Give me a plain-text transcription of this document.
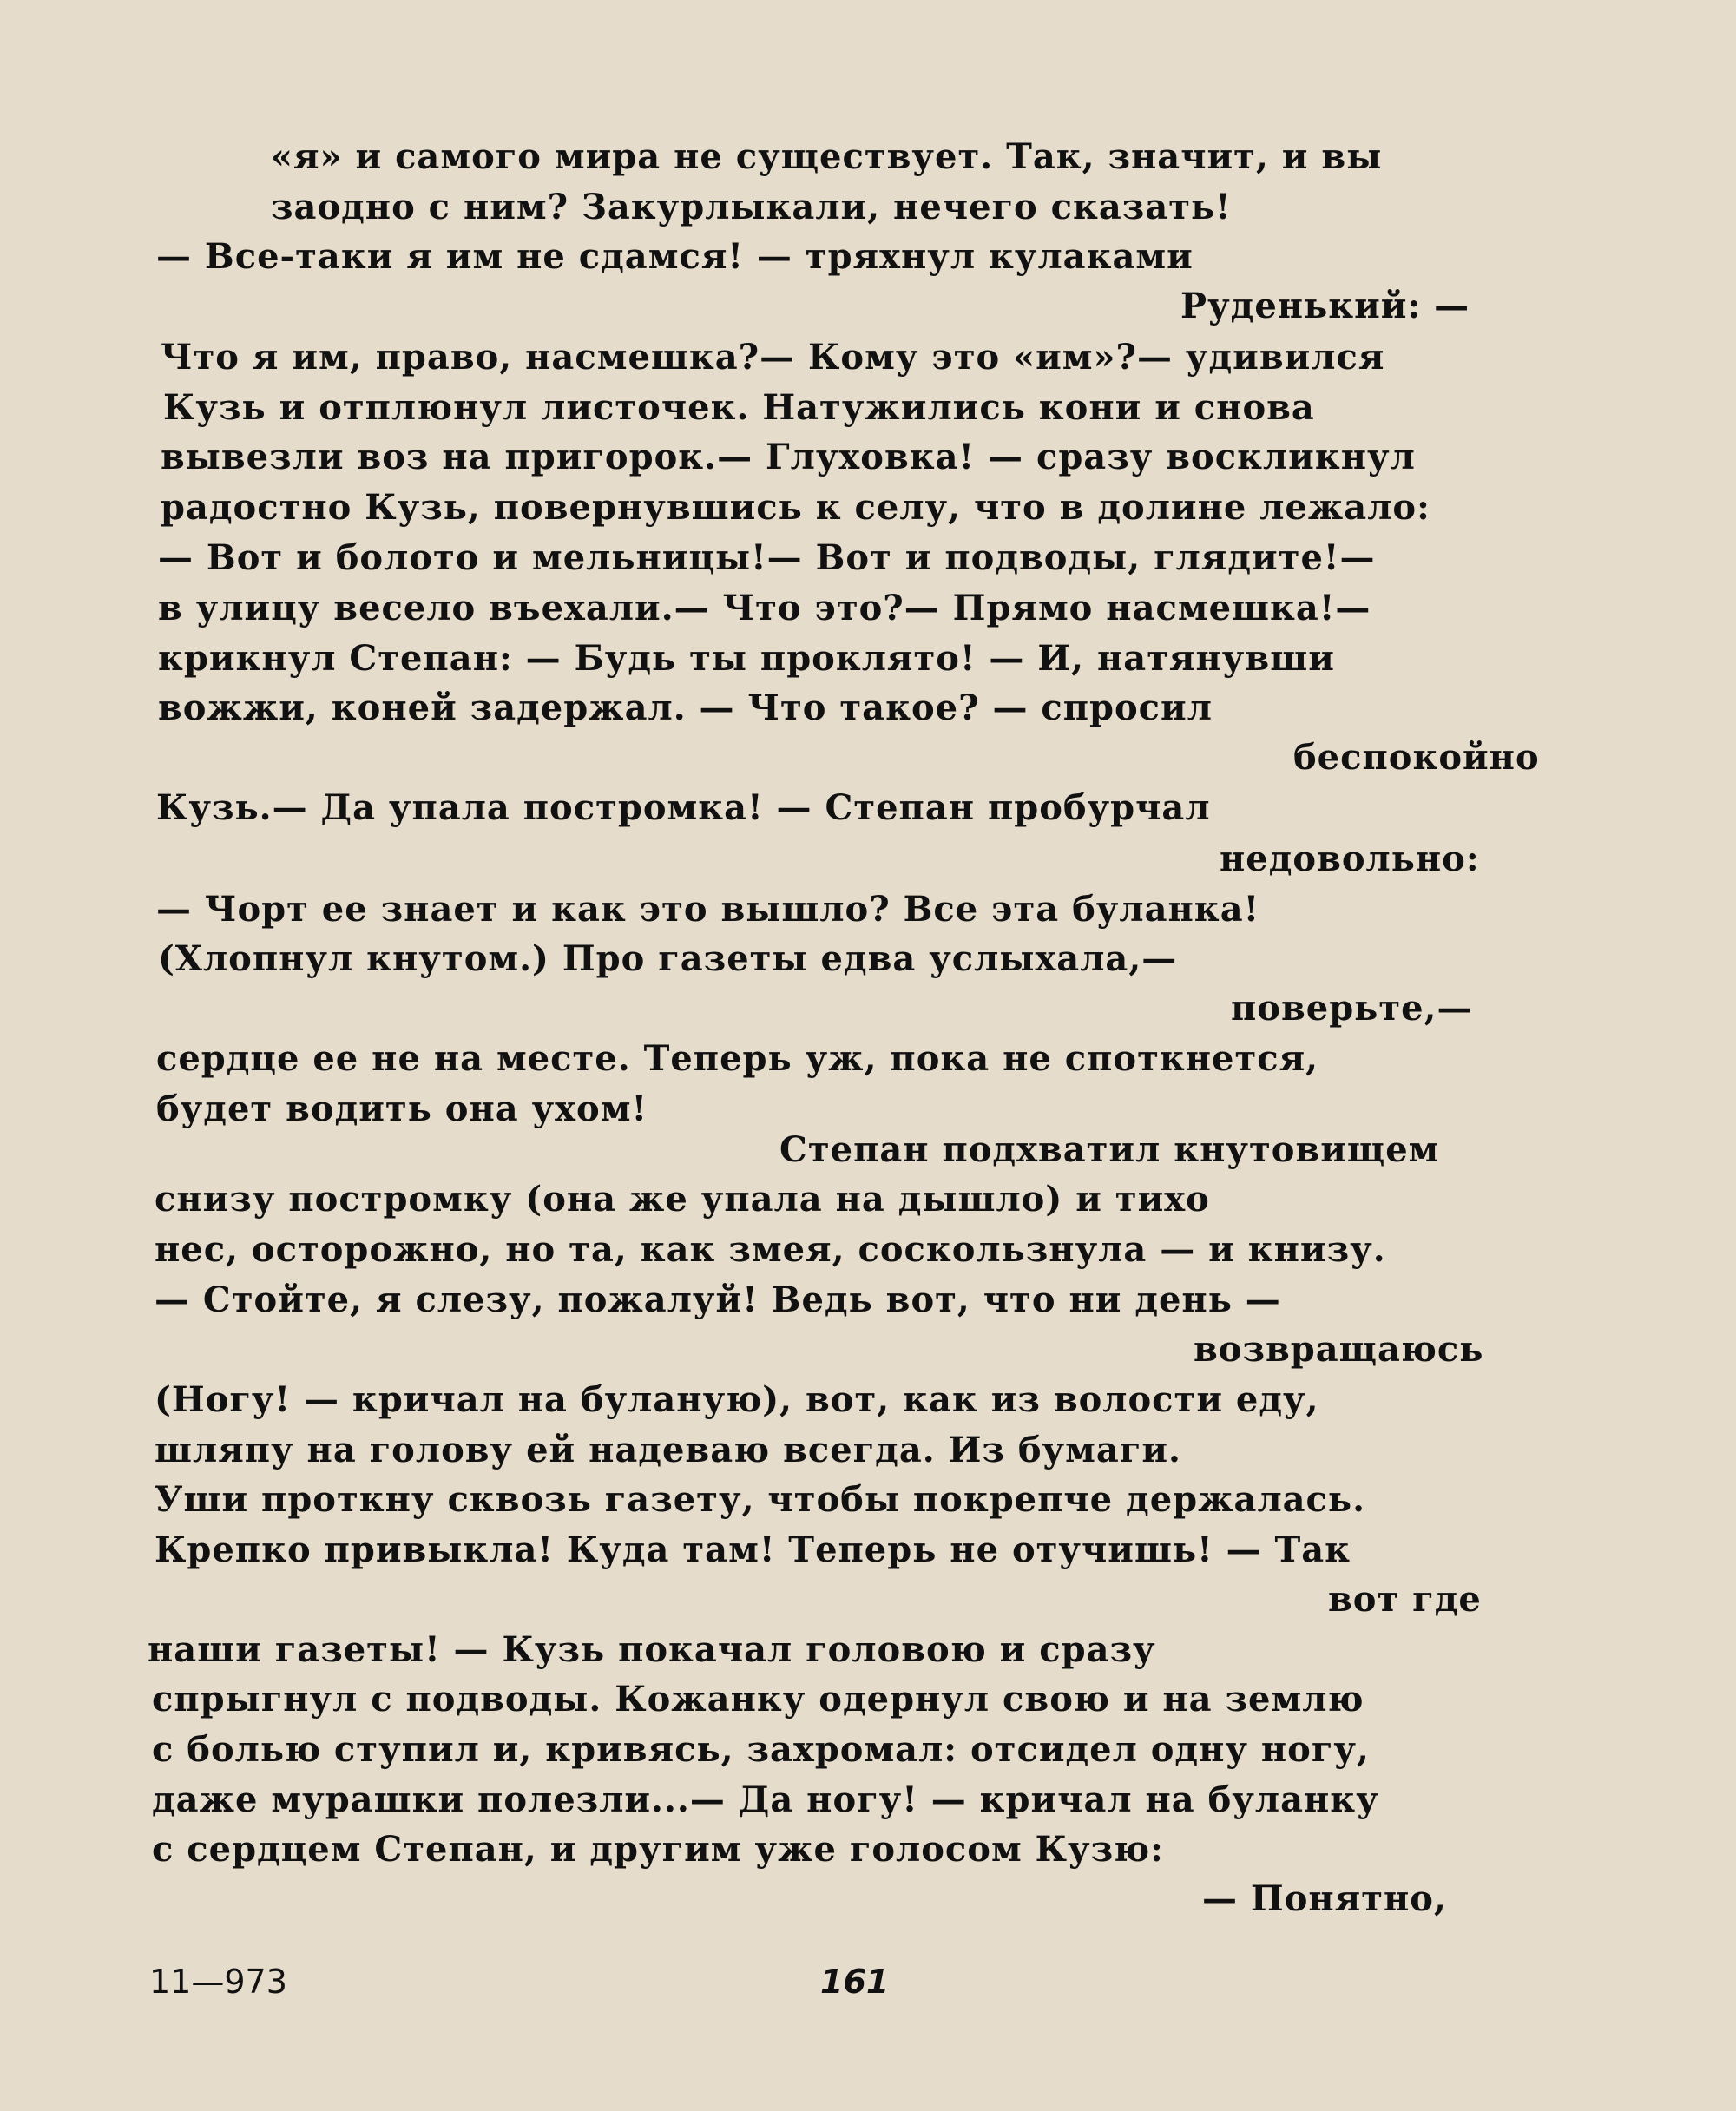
«я» и самого мира не существует. Так, значит, и вы
заодно с ним? Закурлыкали, нечего сказать!
— Все-таки я им не сдамся! — тряхнул кулаками
Руденький: —
Что я им, право, насмешка?— Кому это «им»?— удивился
Кузь и отплюнул листочек. Натужились кони и снова
вывезли воз на пригорок.— Глуховка! — сразу воскликнул
радостно Кузь, повернувшись к селу, что в долине лежало:
— Вот и болото и мельницы!— Вот и подводы, глядите!—
в улицу весело въехали.— Что это?— Прямо насмешка!—
крикнул Степан: — Будь ты проклято! — И, натянувши
вожжи, коней задержал. — Что такое? — спросил
беспокойно
Кузь.— Да упала постромка! — Степан пробурчал
недовольно:
— Чорт ее знает и как это вышло? Все эта буланка!
(Хлопнул кнутом.) Про газеты едва услыхала,—
поверьте,—
сердце ее не на месте. Теперь уж, пока не споткнется,
будет водить она ухом!
Степан подхватил кнутовищем
снизу постромку (она же упала на дышло) и тихо
нес, осторожно, но та, как змея, соскользнула — и книзу.
— Стойте, я слезу, пожалуй! Ведь вот, что ни день —
возвращаюсь
(Ногу! — кричал на буланую), вот, как из волости еду,
шляпу на голову ей надеваю всегда. Из бумаги.
Уши проткну сквозь газету, чтобы покрепче держалась.
Крепко привыкла! Куда там! Теперь не отучишь! — Так
вот где
наши газеты! — Кузь покачал головою и сразу
спрыгнул с подводы. Кожанку одернул свою и на землю
с болью ступил и, кривясь, захромал: отсидел одну ногу,
даже мурашки полезли...— Да ногу! — кричал на буланку
с сердцем Степан, и другим уже голосом Кузю:
— Понятно,
11—973	161
